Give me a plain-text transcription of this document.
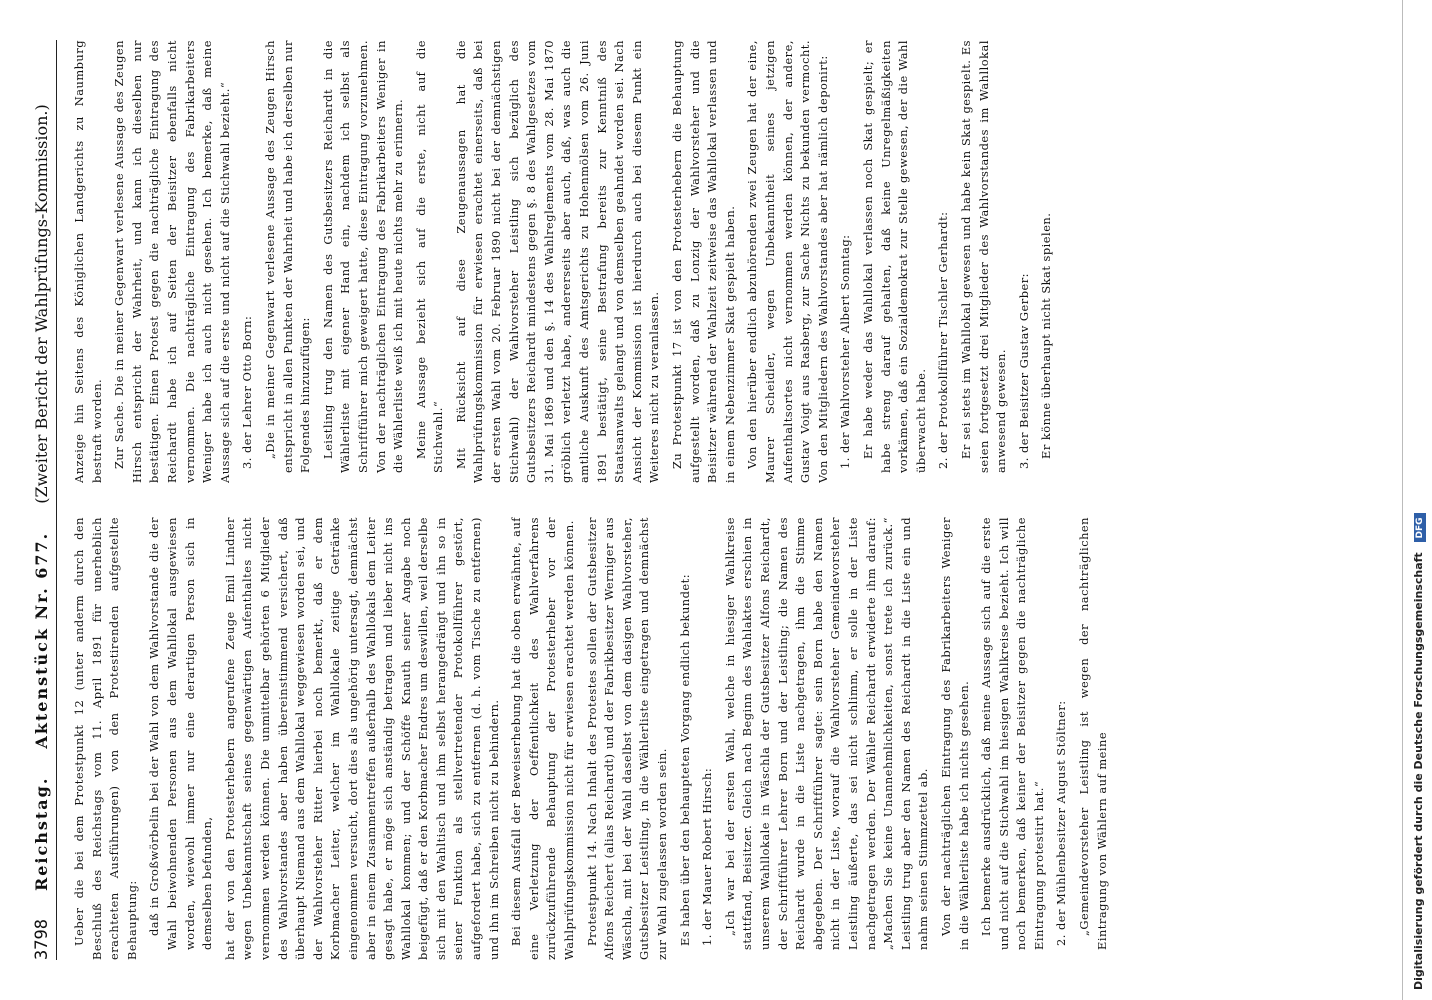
3798
Reichstag.
Aktenstück Nr. 677.
(Zweiter Bericht der Wahlprüfungs-Kommission.)

Ueber die bei dem Protestpunkt 12 (unter anderm durch den Beschluß des Reichstags vom 11. April 1891 für unerheblich erachteten Ausführungen) von den Protestirenden aufgestellte Behauptung: daß in Großwörbelin bei der Wahl von dem Wahlvorstande die der Wahl beiwohnenden Personen aus dem Wahllokal ausgewiesen worden, wiewohl immer nur eine derartigen Person sich in demselben befunden, hat der von den Protesterhebern angerufene Zeuge Emil Lindner wegen Unbekanntschaft seines gegenwärtigen Aufenthaltes nicht vernommen werden können. Die unmittelbar gehörten 6 Mitglieder des Wahlvorstandes aber haben übereinstimmend versichert, daß überhaupt Niemand aus dem Wahllokal weggewiesen worden sei, und der Wahlvorsteher Ritter hierbei noch bemerkt, daß er dem Korbmacher Leiter, welcher im Wahllokale zeitige Getränke eingenommen versucht, dort dies als ungehörig untersagt, demnächst aber in einem Zusammentreffen außerhalb des Wahllokals dem Leiter gesagt habe, er möge sich anständig betragen und lieber nicht ins Wahllokal kommen; und der Schöffe Knauth seiner Angabe noch beigefügt, daß er den Korbmacher Endres um deswillen, weil derselbe sich mit den Wahltisch und ihm selbst herangedrängt und ihn so in seiner Funktion als stellvertretender Protokollführer gestört, aufgefordert habe, sich zu entfernen (d. h. vom Tische zu entfernen) und ihn im Schreiben nicht zu behindern. Bei diesem Ausfall der Beweiserhebung hat die oben erwähnte, auf eine Verletzung der Oeffentlichkeit des Wahlverfahrens zurückzuführende Behauptung der Protesterheber vor der Wahlprüfungskommission nicht für erwiesen erachtet werden können. Protestpunkt 14. Nach Inhalt des Protestes sollen der Gutsbesitzer Alfons Reichert (alias Reichardt) und der Fabrikbesitzer Werniger aus Wäschla, mit bei der Wahl daselbst von dem dasigen Wahlvorsteher, Gutsbesitzer Leistling, in die Wählerliste eingetragen und demnächst zur Wahl zugelassen worden sein. Es haben über den behaupteten Vorgang endlich bekundet: 1. der Mauer Robert Hirsch: „Ich war bei der ersten Wahl, welche in hiesiger Wahlkreise stattfand, Beisitzer. Gleich nach Beginn des Wahlaktes erschien in unserem Wahllokale in Wäschla der Gutsbesitzer Alfons Reichardt, der Schriftführer Lehrer Born und der Leistling; die Namen des Reichardt wurde in die Liste nachgetragen, ihm die Stimme abgegeben. Der Schriftführer sagte: sein Born habe den Namen nicht in der Liste, worauf die Wahlvorsteher Gemeindevorsteher Leistling äußerte, das sei nicht schlimm, er solle in der Liste nachgetragen werden. Der Wähler Reichardt erwiderte ihm darauf: „Machen Sie keine Unannehmlichkeiten, sonst trete ich zurück.“ Leistling trug aber den Namen des Reichardt in die Liste ein und nahm seinen Stimmzettel ab. Von der nachträglichen Eintragung des Fabrikarbeiters Weniger in die Wählerliste habe ich nichts gesehen. Ich bemerke ausdrücklich, daß meine Aussage sich auf die erste und nicht auf die Stichwahl im hiesigen Wahlkreise bezieht. Ich will noch bemerken, daß keiner der Beisitzer gegen die nachträgliche Eintragung protestirt hat.“ 2. der Mühlenbesitzer August Stöltner: „Gemeindevorsteher Leistling ist wegen der nachträglichen Eintragung von Wählern auf meine

Anzeige hin Seitens des Königlichen Landgerichts zu Naumburg bestraft worden. Zur Sache. Die in meiner Gegenwart verlesene Aussage des Zeugen Hirsch entspricht der Wahrheit, und kann ich dieselben nur bestätigen. Einen Protest gegen die nachträgliche Eintragung des Reichardt habe ich auf Seiten der Beisitzer ebenfalls nicht vernommen. Die nachträgliche Eintragung des Fabrikarbeiters Weniger habe ich auch nicht gesehen. Ich bemerke, daß meine Aussage sich auf die erste und nicht auf die Stichwahl bezieht.“ 3. der Lehrer Otto Born: „Die in meiner Gegenwart verlesene Aussage des Zeugen Hirsch entspricht in allen Punkten der Wahrheit und habe ich derselben nur Folgendes hinzuzufügen: Leistling trug den Namen des Gutsbesitzers Reichardt in die Wählerliste mit eigener Hand ein, nachdem ich selbst als Schriftführer mich geweigert hatte, diese Eintragung vorzunehmen. Von der nachträglichen Eintragung des Fabrikarbeiters Weniger in die Wählerliste weiß ich mit heute nichts mehr zu erinnern. Meine Aussage bezieht sich auf die erste, nicht auf die Stichwahl.“ Mit Rücksicht auf diese Zeugenaussagen hat die Wahlprüfungskommission für erwiesen erachtet einerseits, daß bei der ersten Wahl vom 20. Februar 1890 nicht bei der demnächstigen Stichwahl) der Wahlvorsteher Leistling sich bezüglich des Gutsbesitzers Reichardt mindestens gegen §. 8 des Wahlgesetzes vom 31. Mai 1869 und den §. 14 des Wahlreglements vom 28. Mai 1870 gröblich verletzt habe, andererseits aber auch, daß, was auch die amtliche Auskunft des Amtsgerichts zu Hohenmölsen vom 26. Juni 1891 bestätigt, seine Bestrafung bereits zur Kenntniß des Staatsanwalts gelangt und von demselben geahndet worden sei. Nach Ansicht der Kommission ist hierdurch auch bei diesem Punkt ein Weiteres nicht zu veranlassen. Zu Protestpunkt 17 ist von den Protesterhebern die Behauptung aufgestellt worden, daß zu Lonzig der Wahlvorsteher und die Beisitzer während der Wahlzeit zeitweise das Wahllokal verlassen und in einem Nebenzimmer Skat gespielt haben. Von den hierüber endlich abzuhörenden zwei Zeugen hat der eine, Maurer Scheidler, wegen Unbekanntheit seines jetzigen Aufenthaltsortes nicht vernommen werden können, der andere, Gustav Voigt aus Rasberg, zur Sache Nichts zu bekunden vermocht. Von den Mitgliedern des Wahlvorstandes aber hat nämlich deponirt: 1. der Wahlvorsteher Albert Sonntag: Er habe weder das Wahllokal verlassen noch Skat gespielt; er habe streng darauf gehalten, daß keine Unregelmäßigkeiten vorkämen, daß ein Sozialdemokrat zur Stelle gewesen, der die Wahl überwacht habe. 2. der Protokollführer Tischler Gerhardt: Er sei stets im Wahllokal gewesen und habe kein Skat gespielt. Es seien fortgesetzt drei Mitglieder des Wahlvorstandes im Wahllokal anwesend gewesen. 3. der Beisitzer Gustav Gerber: Er könne überhaupt nicht Skat spielen.

Digitalisierung gefördert durch die Deutsche Forschungsgemeinschaft DFG
